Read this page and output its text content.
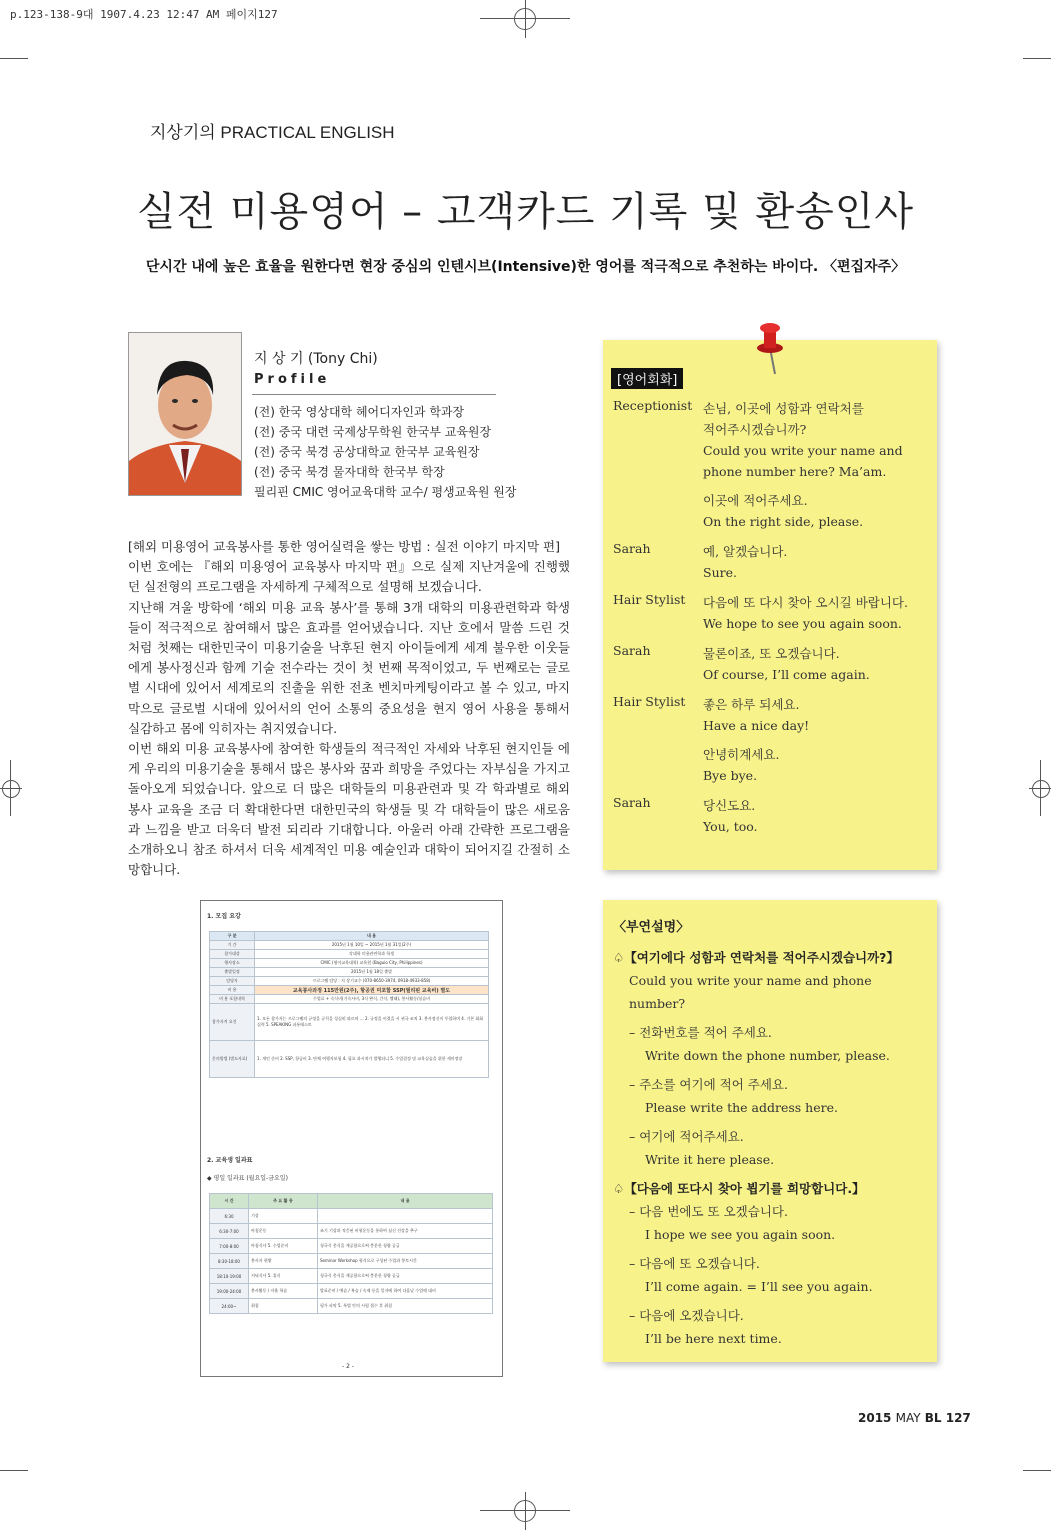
p.123-138-9대 1907.4.23 12:47 AM 페이지127
지상기의 PRACTICAL ENGLISH
실전 미용영어 – 고객카드 기록 및 환송인사
단시간 내에 높은 효율을 원한다면 현장 중심의 인텐시브(Intensive)한 영어를 적극적으로 추천하는 바이다. 〈편집자주〉
지 상 기 (Tony Chi)
Profile
(전) 한국 영상대학 헤어디자인과 학과장
(전) 중국 대련 국제상무학원 한국부 교육원장
(전) 중국 북경 공상대학교 한국부 교육원장
(전) 중국 북경 물자대학 한국부 학장
필리핀 CMIC 영어교육대학 교수/ 평생교육원 원장

[해외 미용영어 교육봉사를 통한 영어실력을 쌓는 방법 : 실전 이야기 마지막 편]

이번 호에는 『해외 미용영어 교육봉사 마지막 편』으로 실제 지난겨울에 진행했던 실전형의 프로그램을 자세하게 구체적으로 설명해 보겠습니다.

지난해 겨울 방학에 ‘해외 미용 교육 봉사’를 통해 3개 대학의 미용관련학과 학생들이 적극적으로 참여해서 많은 효과를 얻어냈습니다. 지난 호에서 말씀 드린 것처럼 첫째는 대한민국이 미용기술을 낙후된 현지 아이들에게 세계 불우한 이웃들에게 봉사정신과 함께 기술 전수라는 것이 첫 번째 목적이었고, 두 번째로는 글로벌 시대에 있어서 세계로의 진출을 위한 전초 벤치마케팅이라고 볼 수 있고, 마지막으로 글로벌 시대에 있어서의 언어 소통의 중요성을 현지 영어 사용을 통해서 실감하고 몸에 익히자는 취지였습니다.

이번 해외 미용 교육봉사에 참여한 학생들의 적극적인 자세와 낙후된 현지인들 에게 우리의 미용기술을 통해서 많은 봉사와 꿈과 희망을 주었다는 자부심을 가지고 돌아오게 되었습니다. 앞으로 더 많은 대학들의 미용관련과 및 각 학과별로 해외 봉사 교육을 조금 더 확대한다면 대한민국의 학생들 및 각 대학들이 많은 새로움과 느낌을 받고 더욱더 발전 되리라 기대합니다. 아울러 아래 간략한 프로그램을 소개하오니 참조 하셔서 더욱 세계적인 미용 예술인과 대학이 되어지길 간절히 소망합니다.

1. 모집 요강
구 분	내 용
기 간	2015년 1월 10일 ~ 2015년 1월 31일(2주)
참가대상	각대학 미용관련학과 학생
행사장소	CMIC (영어교육대학) 교육원 (Baguio City, Philippines)
출발일정	2015년 1월 18일 출발
담당자	프로그램 담당 : 지 상기교수 (070-8650-3974, 0918-4933-858)
비 용	교육봉사과정 115만원(2주), 항공권 미포함 SSP(필리핀 교육비) 별도
비 용 포함내역	수업료 + 숙식비(기숙사비, 3식 완식, 간식, 빨래), 봉사활동/실습비
참가자격 요건	1. 모든 참가자는 프로그램의 규정을 규칙을 성실히 따르며 ... 2. 규정을 어겼을 시 귀국 조치 3. 봉사정신이 투철하며 4. 기본 회화실력 5. SPEAKING 파통테스트
문의방법 (별도자료)	1. 개인 준비 2. SSP, 항공비 3. 단체 여행자보험 4. 필요 과시치가 발행되니 5. 수업결정 및 교육실습을 위한 세미정장
2. 교육생 일과표
◆ 평일 일과표 (월요일-금요일)
시 간	주 요 활 동	내 용
6:30	기상	
6:30-7:00	아침운동	조기 기상과 적응된 비형운동을 통하여 심신 건강을 추구
7:00-8:00	아침식사 5. 수업준비	청국식 총식을 계공함으로써 충분한 청량 공급
8:30-18:00	봉사자 현황	Seminar Workshop 형식으로 구성된 수업과 봉토시간
18:10-19:00	저녁식사 5. 휴식	청국식 총식을 계공함으로써 충분한 청량 공급
19:00-24:00	봉사활동 / 자율 학습	발표준비 / 예습 / 복습 / 숙제 등을 일자에 하여 다음날 수업에 대비
24:00~	취침	평가 파악 5. 특별 안의 시험 접수 후 취침
- 2 -
[영어회화]
Receptionist 손님, 이곳에 성함과 연락처를
적어주시겠습니까?
Could you write your name and
phone number here? Ma’am.
이곳에 적어주세요.
On the right side, please.
Sarah	예, 알겠습니다.
Sure.
Hair Stylist	다음에 또 다시 찾아 오시길 바랍니다.
We hope to see you again soon.
Sarah	물론이죠, 또 오겠습니다.
Of course, I’ll come again.
Hair Stylist	좋은 하루 되세요.
Have a nice day!
안녕히계세요.
Bye bye.
Sarah	당신도요.
You, too.
〈부연설명〉
♤【여기에다 성함과 연락처를 적어주시겠습니까?】
Could you write your name and phone number?
– 전화번호를 적어 주세요.
Write down the phone number, please.
– 주소를 여기에 적어 주세요.
Please write the address here.
– 여기에 적어주세요.
Write it here please.
♤【다음에 또다시 찾아 뵙기를 희망합니다.】
– 다음 번에도 또 오겠습니다.
I hope we see you again soon.
– 다음에 또 오겠습니다.
I’ll come again. = I’ll see you again.
– 다음에 오겠습니다.
I’ll be here next time.
2015 MAY BL 127
